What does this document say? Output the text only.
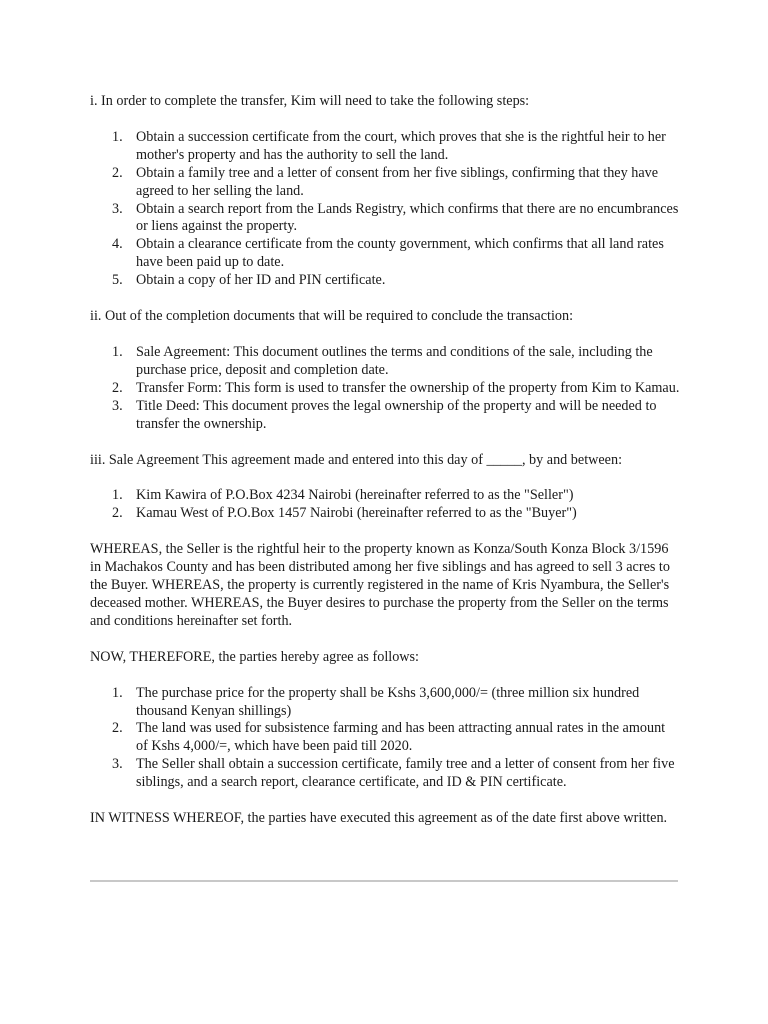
i. In order to complete the transfer, Kim will need to take the following steps:

1. Obtain a succession certificate from the court, which proves that she is the rightful heir to her mother's property and has the authority to sell the land.
2. Obtain a family tree and a letter of consent from her five siblings, confirming that they have agreed to her selling the land.
3. Obtain a search report from the Lands Registry, which confirms that there are no encumbrances or liens against the property.
4. Obtain a clearance certificate from the county government, which confirms that all land rates have been paid up to date.
5. Obtain a copy of her ID and PIN certificate.

ii. Out of the completion documents that will be required to conclude the transaction:

1. Sale Agreement: This document outlines the terms and conditions of the sale, including the purchase price, deposit and completion date.
2. Transfer Form: This form is used to transfer the ownership of the property from Kim to Kamau.
3. Title Deed: This document proves the legal ownership of the property and will be needed to transfer the ownership.

iii. Sale Agreement This agreement made and entered into this day of _____, by and between:

1. Kim Kawira of P.O.Box 4234 Nairobi (hereinafter referred to as the "Seller")
2. Kamau West of P.O.Box 1457 Nairobi (hereinafter referred to as the "Buyer")

WHEREAS, the Seller is the rightful heir to the property known as Konza/South Konza Block 3/1596 in Machakos County and has been distributed among her five siblings and has agreed to sell 3 acres to the Buyer. WHEREAS, the property is currently registered in the name of Kris Nyambura, the Seller's deceased mother. WHEREAS, the Buyer desires to purchase the property from the Seller on the terms and conditions hereinafter set forth.

NOW, THEREFORE, the parties hereby agree as follows:

1. The purchase price for the property shall be Kshs 3,600,000/= (three million six hundred thousand Kenyan shillings)
2. The land was used for subsistence farming and has been attracting annual rates in the amount of Kshs 4,000/=, which have been paid till 2020.
3. The Seller shall obtain a succession certificate, family tree and a letter of consent from her five siblings, and a search report, clearance certificate, and ID & PIN certificate.

IN WITNESS WHEREOF, the parties have executed this agreement as of the date first above written.
